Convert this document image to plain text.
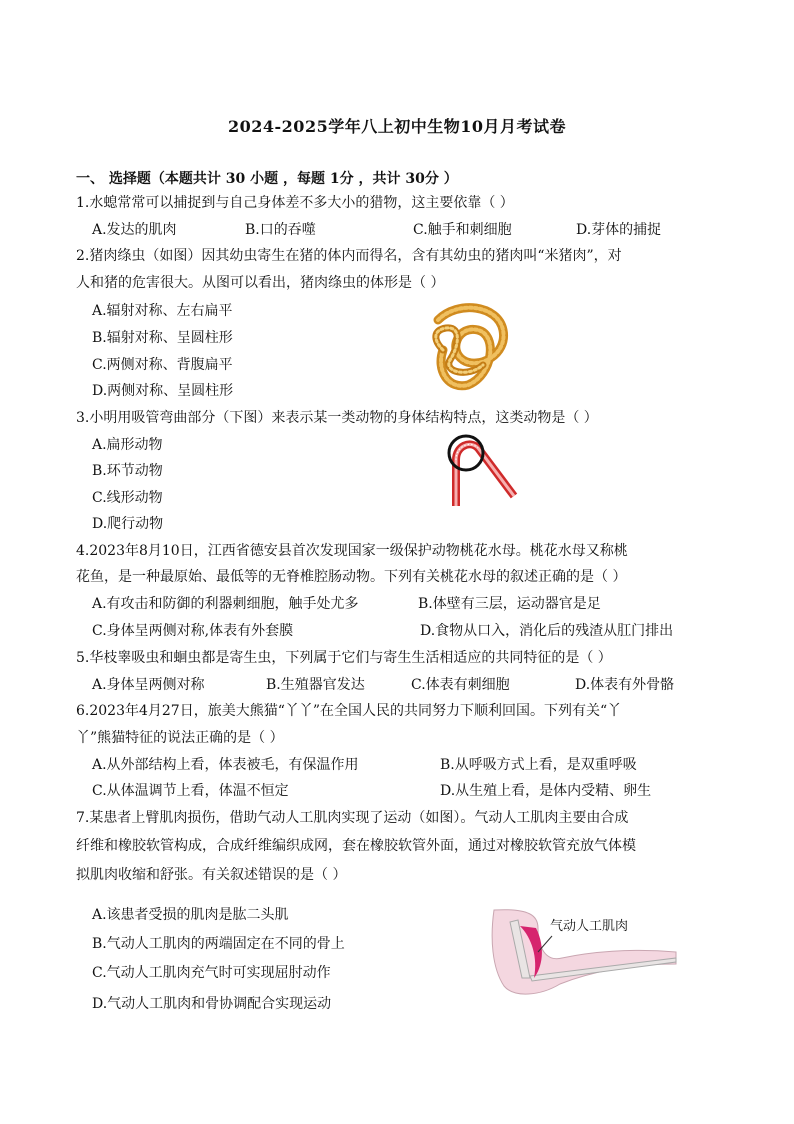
2024-2025学年八上初中生物10月月考试卷
一、 选择题（本题共计 30 小题 ，每题 1分 ，共计 30分 ）
1.水螅常常可以捕捉到与自己身体差不多大小的猎物，这主要依靠（ ）
A.发达的肌肉	B.口的吞噬	C.触手和刺细胞	D.芽体的捕捉
2.猪肉绦虫（如图）因其幼虫寄生在猪的体内而得名，含有其幼虫的猪肉叫“米猪肉”，对
人和猪的危害很大。从图可以看出，猪肉绦虫的体形是（ ）
A.辐射对称、左右扁平
B.辐射对称、呈圆柱形
C.两侧对称、背腹扁平
D.两侧对称、呈圆柱形
3.小明用吸管弯曲部分（下图）来表示某一类动物的身体结构特点，这类动物是（ ）
A.扁形动物
B.环节动物
C.线形动物
D.爬行动物
4.2023年8月10日，江西省德安县首次发现国家一级保护动物桃花水母。桃花水母又称桃
花鱼，是一种最原始、最低等的无脊椎腔肠动物。下列有关桃花水母的叙述正确的是（ ）
A.有攻击和防御的利器刺细胞，触手处尤多	B.体壁有三层，运动器官是足
C.身体呈两侧对称,体表有外套膜	D.食物从口入，消化后的残渣从肛门排出
5.华枝睾吸虫和蛔虫都是寄生虫，下列属于它们与寄生生活相适应的共同特征的是（ ）
A.身体呈两侧对称	B.生殖器官发达	C.体表有刺细胞	D.体表有外骨骼
6.2023年4月27日，旅美大熊猫“丫丫”在全国人民的共同努力下顺利回国。下列有关“丫
丫”熊猫特征的说法正确的是（ ）
A.从外部结构上看，体表被毛，有保温作用	B.从呼吸方式上看，是双重呼吸
C.从体温调节上看，体温不恒定	D.从生殖上看，是体内受精、卵生
7.某患者上臂肌肉损伤，借助气动人工肌肉实现了运动（如图）。气动人工肌肉主要由合成
纤维和橡胶软管构成，合成纤维编织成网，套在橡胶软管外面，通过对橡胶软管充放气体模
拟肌肉收缩和舒张。有关叙述错误的是（ ）
A.该患者受损的肌肉是肱二头肌
B.气动人工肌肉的两端固定在不同的骨上
C.气动人工肌肉充气时可实现屈肘动作
D.气动人工肌肉和骨协调配合实现运动
气动人工肌肉
